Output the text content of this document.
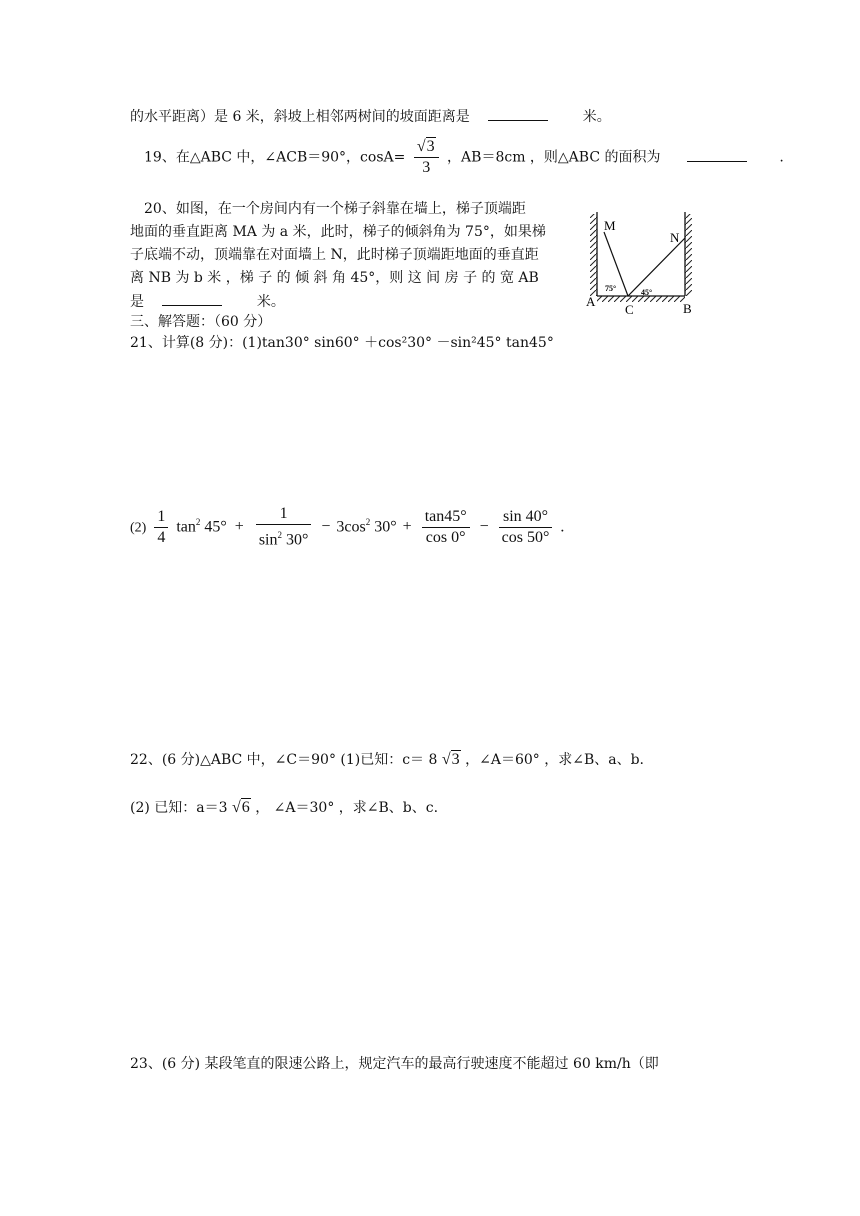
的水平距离）是 6 米，斜坡上相邻两树间的坡面距离是	米。
19、在△ABC 中，∠ACB＝90°，$\cos A= \frac{√3}{3}$ ，AB＝8cm ，则△ABC 的面积为	.
20、如图，在一个房间内有一个梯子斜靠在墙上，梯子顶端距
地面的垂直距离 MA 为 a 米，此时，梯子的倾斜角为 75°，如果梯
子底端不动，顶端靠在对面墙上 N，此时梯子顶端距地面的垂直距
离 NB 为 b 米 ，梯 子 的 倾 斜 角 45°，则 这 间 房 子 的 宽 AB
是	米。
M
N
A
C	B
75°	45°
三、解答题：（60 分）
21、计算(8 分)：(1)tan30° sin60° ＋cos²30° －sin²45° tan45°
$(2) \frac{1}{4} \tan^2 45^\circ + \frac{1}{\sin^2 30^\circ} - 3\cos^2$ $30^\circ + \frac{\tan 45^\circ}{\cos 0^\circ} - \frac{\sin 40^\circ}{\cos 50^\circ}$ .
22、(6 分)△ABC 中，∠C＝90° (1)已知：c＝ 8 √3 ，∠A＝60° ，求∠B、a、b.
(2) 已知：a＝3 √6 ， ∠A＝30° ，求∠B、b、c.
23、(6 分) 某段笔直的限速公路上，规定汽车的最高行驶速度不能超过 60 km/h（即
